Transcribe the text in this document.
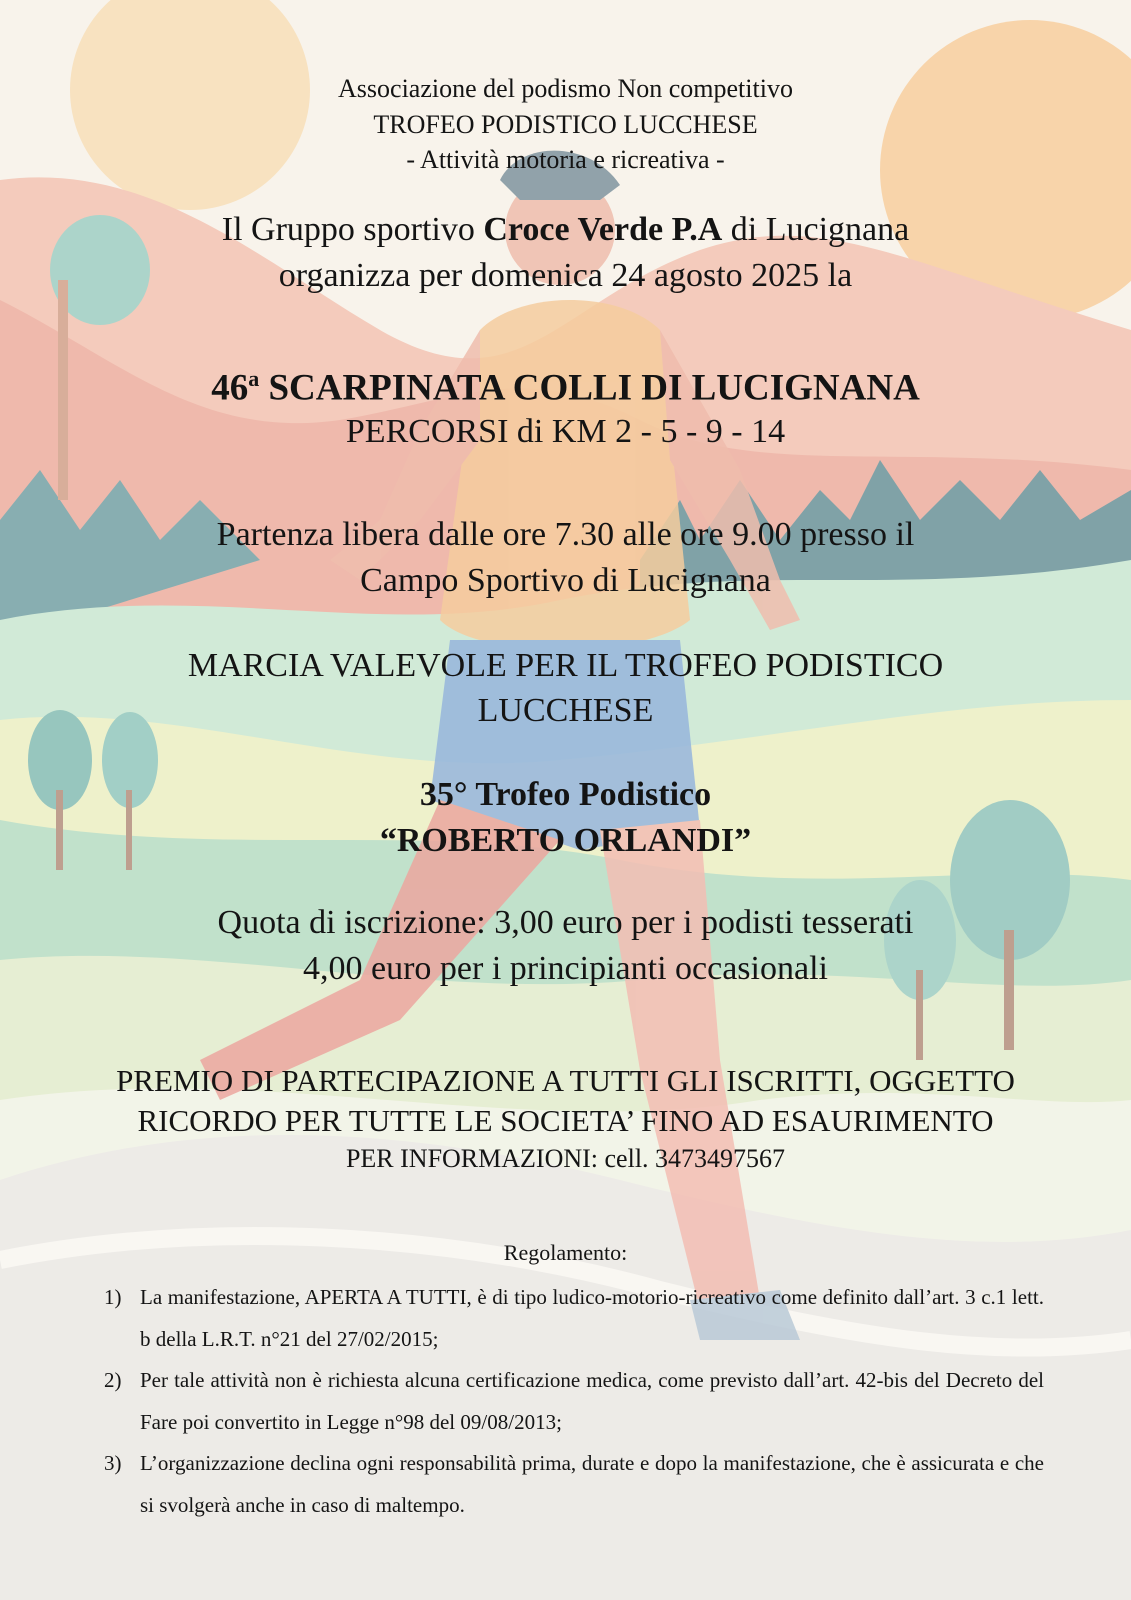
Associazione del podismo Non competitivo
TROFEO PODISTICO LUCCHESE
- Attività motoria e ricreativa -
Il Gruppo sportivo Croce Verde P.A di Lucignana
organizza per domenica 24 agosto 2025 la
46$^a$ SCARPINATA COLLI DI LUCIGNANA
PERCORSI di KM 2 - 5 - 9 - 14
Partenza libera dalle ore 7.30 alle ore 9.00 presso il
Campo Sportivo di Lucignana
MARCIA VALEVOLE PER IL TROFEO PODISTICO
LUCCHESE
35° Trofeo Podistico
“ROBERTO ORLANDI”
Quota di iscrizione: 3,00 euro per i podisti tesserati
4,00 euro per i principianti occasionali
PREMIO DI PARTECIPAZIONE A TUTTI GLI ISCRITTI, OGGETTO
RICORDO PER TUTTE LE SOCIETA’ FINO AD ESAURIMENTO
PER INFORMAZIONI: cell. 3473497567
Regolamento:
1) La manifestazione, APERTA A TUTTI, è di tipo ludico-motorio-ricreativo come definito dall’art. 3 c.1 lett. b della L.R.T. n°21 del 27/02/2015;
2) Per tale attività non è richiesta alcuna certificazione medica, come previsto dall’art. 42-bis del Decreto del Fare poi convertito in Legge n°98 del 09/08/2013;
3) L’organizzazione declina ogni responsabilità prima, durate e dopo la manifestazione, che è assicurata e che si svolgerà anche in caso di maltempo.
